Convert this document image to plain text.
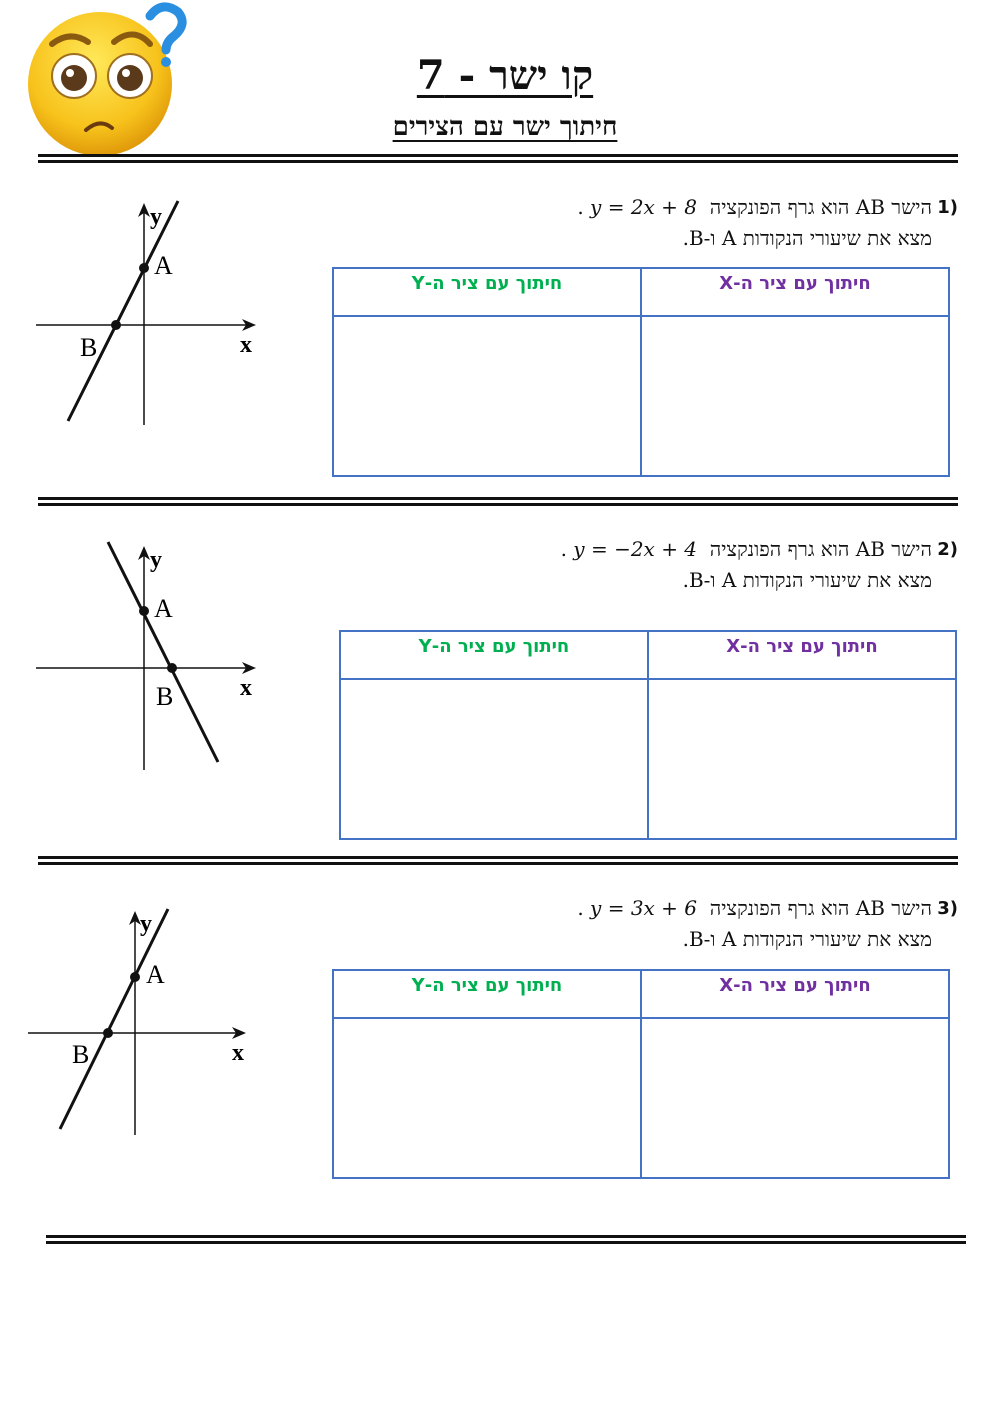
קו ישר - 7
חיתוך ישר עם הצירים
y
x
A
B
1)
הישר AB הוא גרף הפונקציה  y = 2x + 8 .
מצא את שיעורי הנקודות A ו-B.
חיתוך עם ציר ה-X	חיתוך עם ציר ה-Y

y
x
A
B
2)
הישר AB הוא גרף הפונקציה  y = −2x + 4 .
מצא את שיעורי הנקודות A ו-B.
חיתוך עם ציר ה-X	חיתוך עם ציר ה-Y

y
x
A
B
3)
הישר AB הוא גרף הפונקציה  y = 3x + 6 .
מצא את שיעורי הנקודות A ו-B.
חיתוך עם ציר ה-X	חיתוך עם ציר ה-Y
